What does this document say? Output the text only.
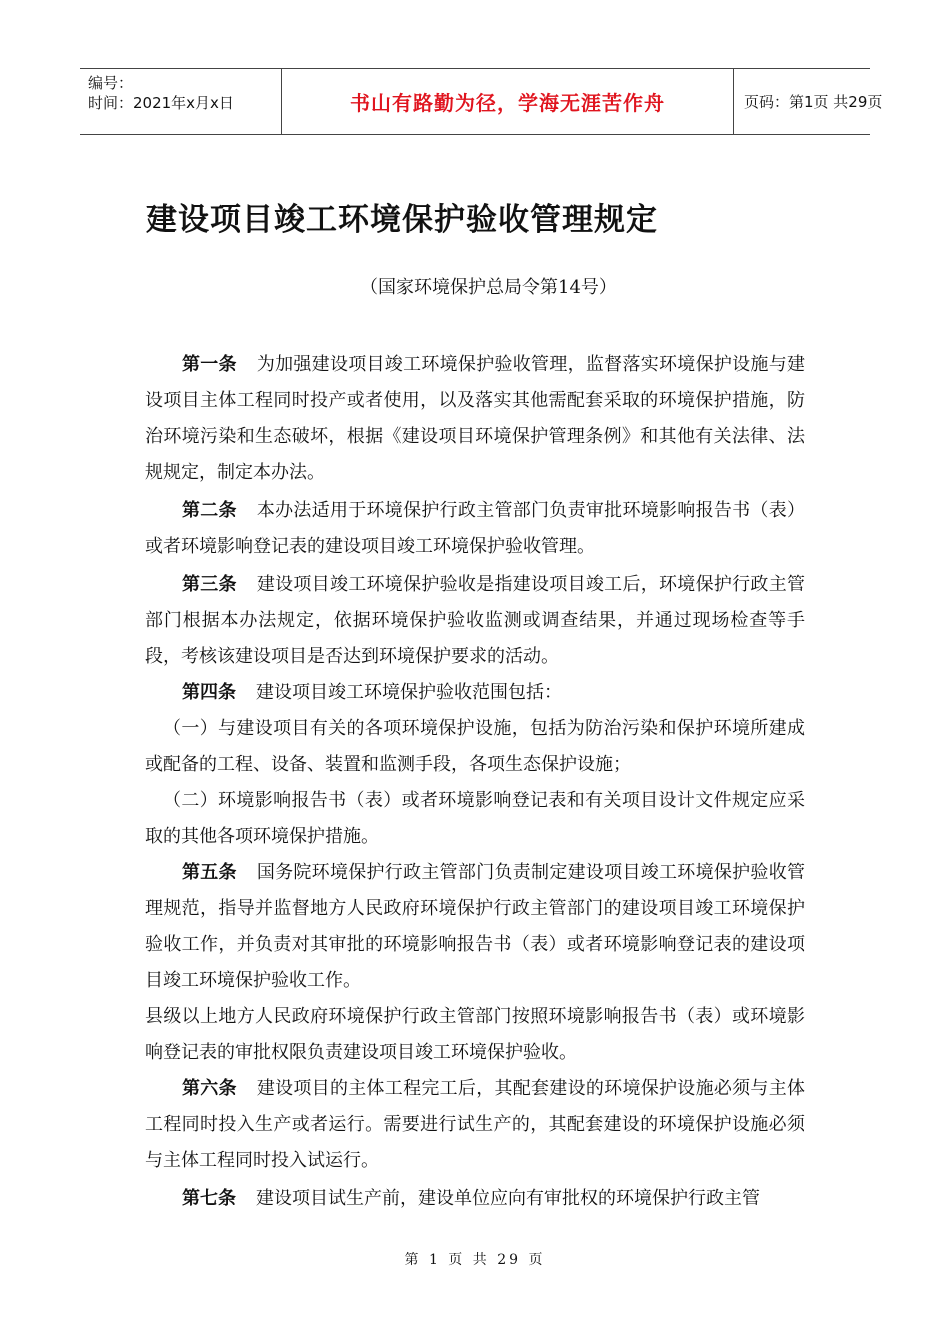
编号：
时间：2021年x月x日	书山有路勤为径，学海无涯苦作舟	页码：第1页 共29页
建设项目竣工环境保护验收管理规定
（国家环境保护总局令第14号）

第一条 为加强建设项目竣工环境保护验收管理，监督落实环境保护设施与建设项目主体工程同时投产或者使用，以及落实其他需配套采取的环境保护措施，防治环境污染和生态破坏，根据《建设项目环境保护管理条例》和其他有关法律、法规规定，制定本办法。

第二条 本办法适用于环境保护行政主管部门负责审批环境影响报告书（表）或者环境影响登记表的建设项目竣工环境保护验收管理。

第三条 建设项目竣工环境保护验收是指建设项目竣工后，环境保护行政主管部门根据本办法规定，依据环境保护验收监测或调查结果，并通过现场检查等手段，考核该建设项目是否达到环境保护要求的活动。

第四条 建设项目竣工环境保护验收范围包括：

（一）与建设项目有关的各项环境保护设施，包括为防治污染和保护环境所建成或配备的工程、设备、装置和监测手段，各项生态保护设施；

（二）环境影响报告书（表）或者环境影响登记表和有关项目设计文件规定应采取的其他各项环境保护措施。

第五条 国务院环境保护行政主管部门负责制定建设项目竣工环境保护验收管理规范，指导并监督地方人民政府环境保护行政主管部门的建设项目竣工环境保护验收工作，并负责对其审批的环境影响报告书（表）或者环境影响登记表的建设项目竣工环境保护验收工作。

县级以上地方人民政府环境保护行政主管部门按照环境影响报告书（表）或环境影响登记表的审批权限负责建设项目竣工环境保护验收。

第六条 建设项目的主体工程完工后，其配套建设的环境保护设施必须与主体工程同时投入生产或者运行。需要进行试生产的，其配套建设的环境保护设施必须与主体工程同时投入试运行。

第七条 建设项目试生产前，建设单位应向有审批权的环境保护行政主管

第 1 页 共 29 页
